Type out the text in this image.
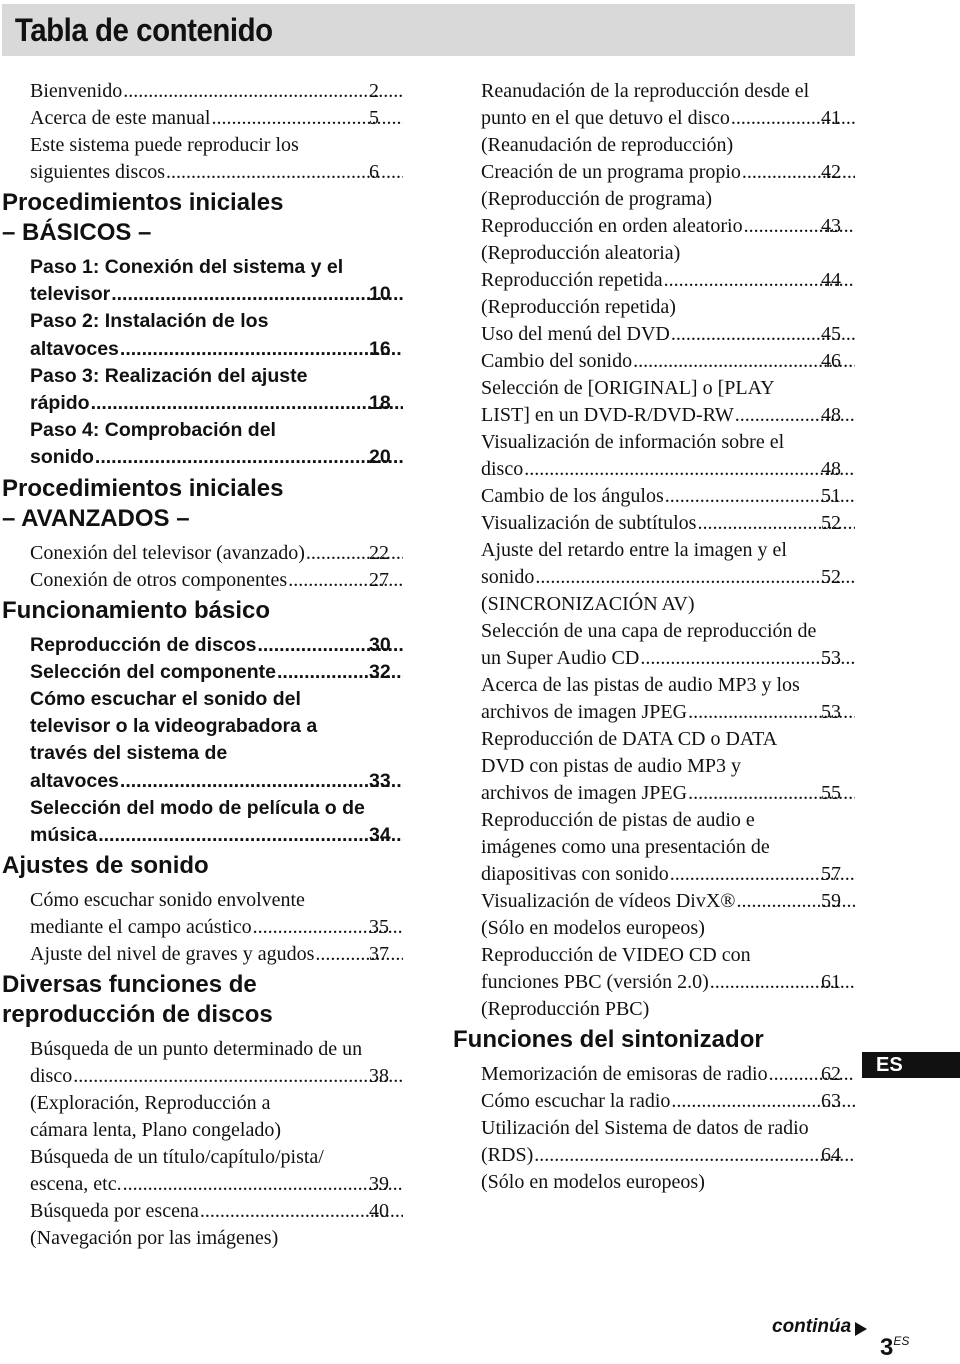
Tabla de contenido
Bienvenido .....	2
Acerca de este manual .....	5
Este sistema puede reproducir los
siguientes discos .....	6
Procedimientos iniciales
– BÁSICOS –
Paso 1: Conexión del sistema y el
televisor .....	10
Paso 2: Instalación de los
altavoces .....	16
Paso 3: Realización del ajuste
rápido .....	18
Paso 4: Comprobación del
sonido .....	20
Procedimientos iniciales
– AVANZADOS –
Conexión del televisor (avanzado) .....	22
Conexión de otros componentes .....	27
Funcionamiento básico
Reproducción de discos .....	30
Selección del componente .....	32
Cómo escuchar el sonido del
televisor o la videograbadora a
través del sistema de
altavoces .....	33
Selección del modo de película o de
música .....	34
Ajustes de sonido
Cómo escuchar sonido envolvente
mediante el campo acústico .....	35
Ajuste del nivel de graves y agudos .....	37
Diversas funciones de
reproducción de discos
Búsqueda de un punto determinado de un
disco .....	38
(Exploración, Reproducción a
cámara lenta, Plano congelado)
Búsqueda de un título/capítulo/pista/
escena, etc. .....	39
Búsqueda por escena .....	40
(Navegación por las imágenes)
Reanudación de la reproducción desde el
punto en el que detuvo el disco .....	41
(Reanudación de reproducción)
Creación de un programa propio .....	42
(Reproducción de programa)
Reproducción en orden aleatorio .....	43
(Reproducción aleatoria)
Reproducción repetida .....	44
(Reproducción repetida)
Uso del menú del DVD .....	45
Cambio del sonido .....	46
Selección de [ORIGINAL] o [PLAY
LIST] en un DVD-R/DVD-RW .....	48
Visualización de información sobre el
disco .....	48
Cambio de los ángulos .....	51
Visualización de subtítulos .....	52
Ajuste del retardo entre la imagen y el
sonido .....	52
(SINCRONIZACIÓN AV)
Selección de una capa de reproducción de
un Super Audio CD .....	53
Acerca de las pistas de audio MP3 y los
archivos de imagen JPEG .....	53
Reproducción de DATA CD o DATA
DVD con pistas de audio MP3 y
archivos de imagen JPEG .....	55
Reproducción de pistas de audio e
imágenes como una presentación de
diapositivas con sonido .....	57
Visualización de vídeos DivX® .....	59
(Sólo en modelos europeos)
Reproducción de VIDEO CD con
funciones PBC (versión 2.0) .....	61
(Reproducción PBC)
Funciones del sintonizador
Memorización de emisoras de radio .....	62
Cómo escuchar la radio .....	63
Utilización del Sistema de datos de radio
(RDS) .....	64
(Sólo en modelos europeos)
ES
continúa
$3^{ES}$
